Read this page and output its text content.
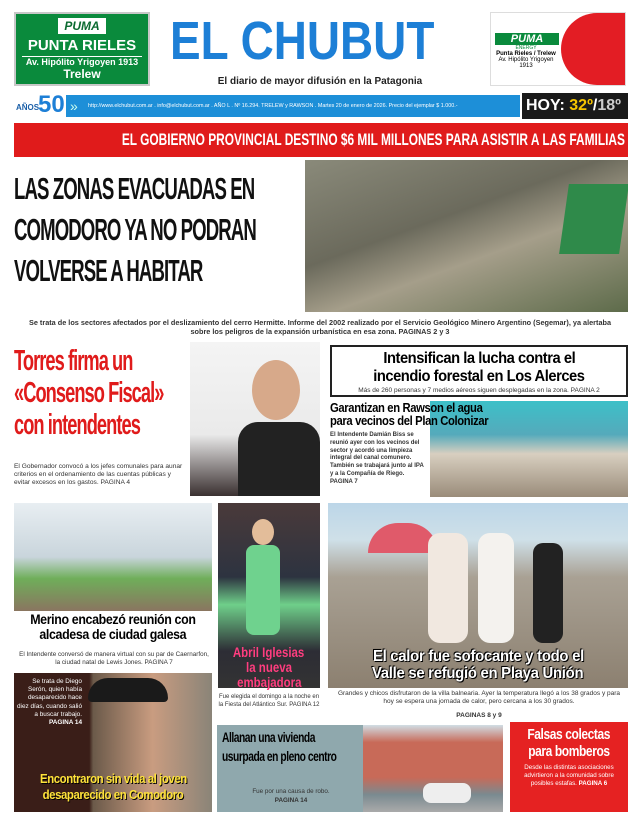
PUMA
PUNTA RIELES
Av. Hipólito Yrigoyen 1913
Trelew
EL CHUBUT
El diario de mayor difusión en la Patagonia
PUMA
ENERGY
Punta Rieles / Trelew
Av. Hipólito Yrigoyen
1913
AÑOS
50 » http://www.elchubut.com.ar . info@elchubut.com.ar . AÑO L . Nº 16.294. TRELEW y RAWSON . Martes 20 de enero de 2026. Precio del ejemplar $ 1.000.-	HOY: 32º/18º
EL GOBIERNO PROVINCIAL DESTINO $6 MIL MILLONES PARA ASISTIR A LAS FAMILIAS
LAS ZONAS EVACUADAS EN
COMODORO YA NO PODRAN
VOLVERSE A HABITAR
Se trata de los sectores afectados por el deslizamiento del cerro Hermitte. Informe del 2002 realizado por el Servicio Geológico Minero Argentino (Segemar), ya alertaba sobre los peligros de la expansión urbanística en esa zona. PAGINAS 2 y 3
Torres firma un
«Consenso Fiscal»
con intendentes
El Gobernador convocó a los jefes comunales para aunar criterios en el ordenamiento de las cuentas públicas y evitar excesos en los gastos. PAGINA 4
Intensifican la lucha contra el
incendio forestal en Los Alerces
Más de 260 personas y 7 medios aéreos siguen desplegadas en la zona. PAGINA 2
Garantizan en Rawson el agua
para vecinos del Plan Colonizar
El Intendente Damián Biss se reunió ayer con los vecinos del sector y acordó una limpieza integral del canal comunero. También se trabajará junto al IPA y a la Compañía de Riego. PAGINA 7
Merino encabezó reunión con
alcadesa de ciudad galesa
El Intendente conversó de manera virtual con su par de Caernarfon, la ciudad natal de Lewis Jones. PAGINA 7
Abril Iglesias
la nueva
embajadora
Fue elegida el domingo a la noche en la Fiesta del Atlántico Sur. PAGINA 12
El calor fue sofocante y todo el
Valle se refugió en Playa Unión
Grandes y chicos disfrutaron de la villa balnearia. Ayer la temperatura llegó a los 38 grados y para hoy se espera una jornada de calor, pero cercana a los 30 grados.
PAGINAS 8 y 9
Se trata de Diego Serón, quien había desaparecido hace diez días, cuando salió a buscar trabajo.
PAGINA 14
Encontraron sin vida al joven
desaparecido en Comodoro
Allanan una vivienda
usurpada en pleno centro
Fue por una causa de robo.
PAGINA 14
Falsas colectas
para bomberos
Desde las distintas asociaciones advirtieron a la comunidad sobre posibles estafas. PAGINA 6
